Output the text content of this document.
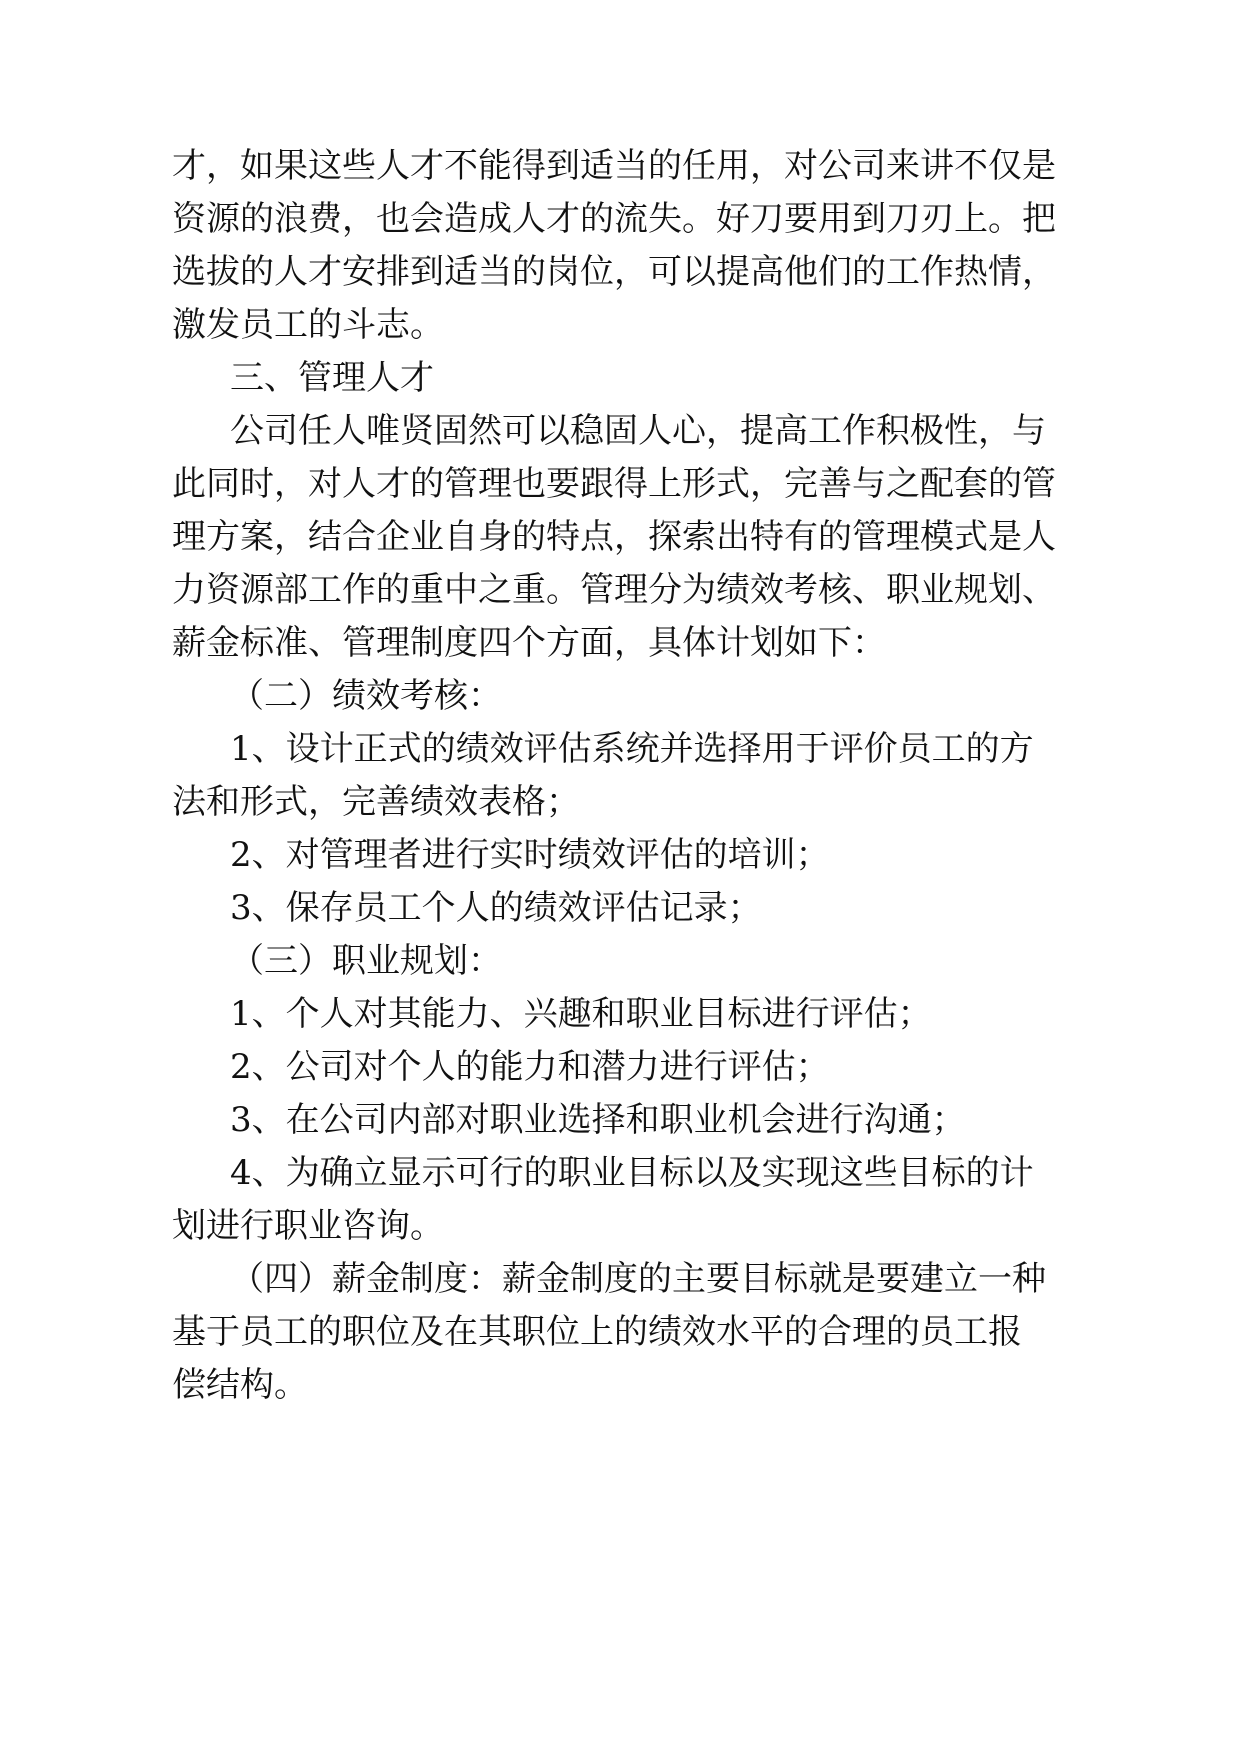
才，如果这些人才不能得到适当的任用，对公司来讲不仅是
资源的浪费，也会造成人才的流失。好刀要用到刀刃上。把
选拔的人才安排到适当的岗位，可以提高他们的工作热情，
激发员工的斗志。
三、管理人才
公司任人唯贤固然可以稳固人心，提高工作积极性，与
此同时，对人才的管理也要跟得上形式，完善与之配套的管
理方案，结合企业自身的特点，探索出特有的管理模式是人
力资源部工作的重中之重。管理分为绩效考核、职业规划、
薪金标准、管理制度四个方面，具体计划如下：
（二）绩效考核：
1、设计正式的绩效评估系统并选择用于评价员工的方
法和形式，完善绩效表格；
2、对管理者进行实时绩效评估的培训；
3、保存员工个人的绩效评估记录；
（三）职业规划：
1、个人对其能力、兴趣和职业目标进行评估；
2、公司对个人的能力和潜力进行评估；
3、在公司内部对职业选择和职业机会进行沟通；
4、为确立显示可行的职业目标以及实现这些目标的计
划进行职业咨询。
（四）薪金制度：薪金制度的主要目标就是要建立一种
基于员工的职位及在其职位上的绩效水平的合理的员工报
偿结构。
